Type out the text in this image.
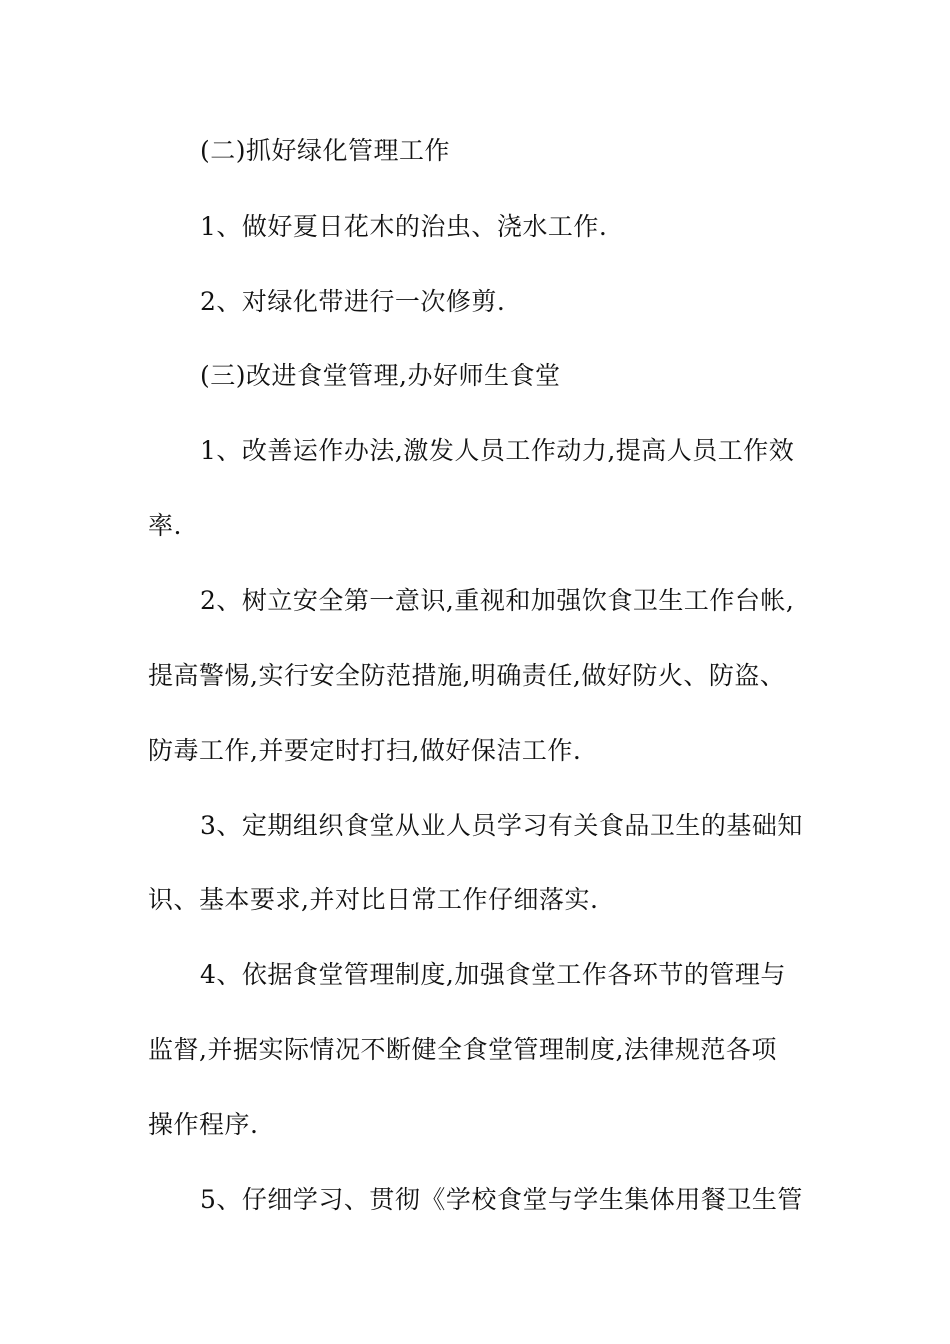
(二)抓好绿化管理工作
1、做好夏日花木的治虫、浇水工作.
2、对绿化带进行一次修剪.
(三)改进食堂管理,办好师生食堂
1、改善运作办法,激发人员工作动力,提高人员工作效
率.
2、树立安全第一意识,重视和加强饮食卫生工作台帐,
提高警惕,实行安全防范措施,明确责任,做好防火、防盗、
防毒工作,并要定时打扫,做好保洁工作.
3、定期组织食堂从业人员学习有关食品卫生的基础知
识、基本要求,并对比日常工作仔细落实.
4、依据食堂管理制度,加强食堂工作各环节的管理与
监督,并据实际情况不断健全食堂管理制度,法律规范各项
操作程序.
5、仔细学习、贯彻《学校食堂与学生集体用餐卫生管
